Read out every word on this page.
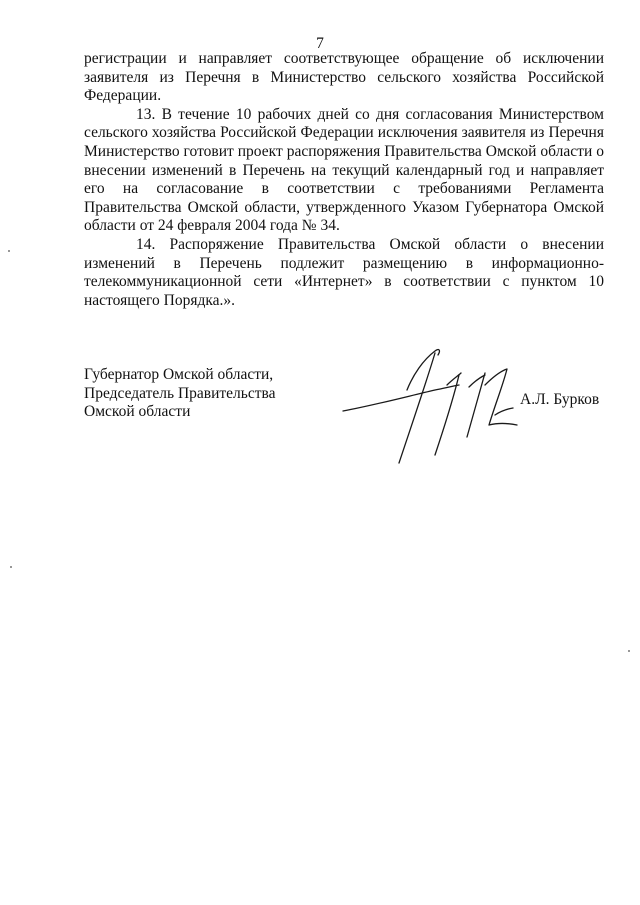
7

регистрации и направляет соответствующее обращение об исключении заявителя из Перечня в Министерство сельского хозяйства Российской Федерации.

13. В течение 10 рабочих дней со дня согласования Министерством сельского хозяйства Российской Федерации исключения заявителя из Перечня Министерство готовит проект распоряжения Правительства Омской области о внесении изменений в Перечень на текущий календарный год и направляет его на согласование в соответствии с требованиями Регламента Правительства Омской области, утвержденного Указом Губернатора Омской области от 24 февраля 2004 года № 34.

14. Распоряжение Правительства Омской области о внесении изменений в Перечень подлежит размещению в информационно-телекоммуникационной сети «Интернет» в соответствии с пунктом 10 настоящего Порядка.».

Губернатор Омской области,
Председатель Правительства
Омской области
А.Л. Бурков
